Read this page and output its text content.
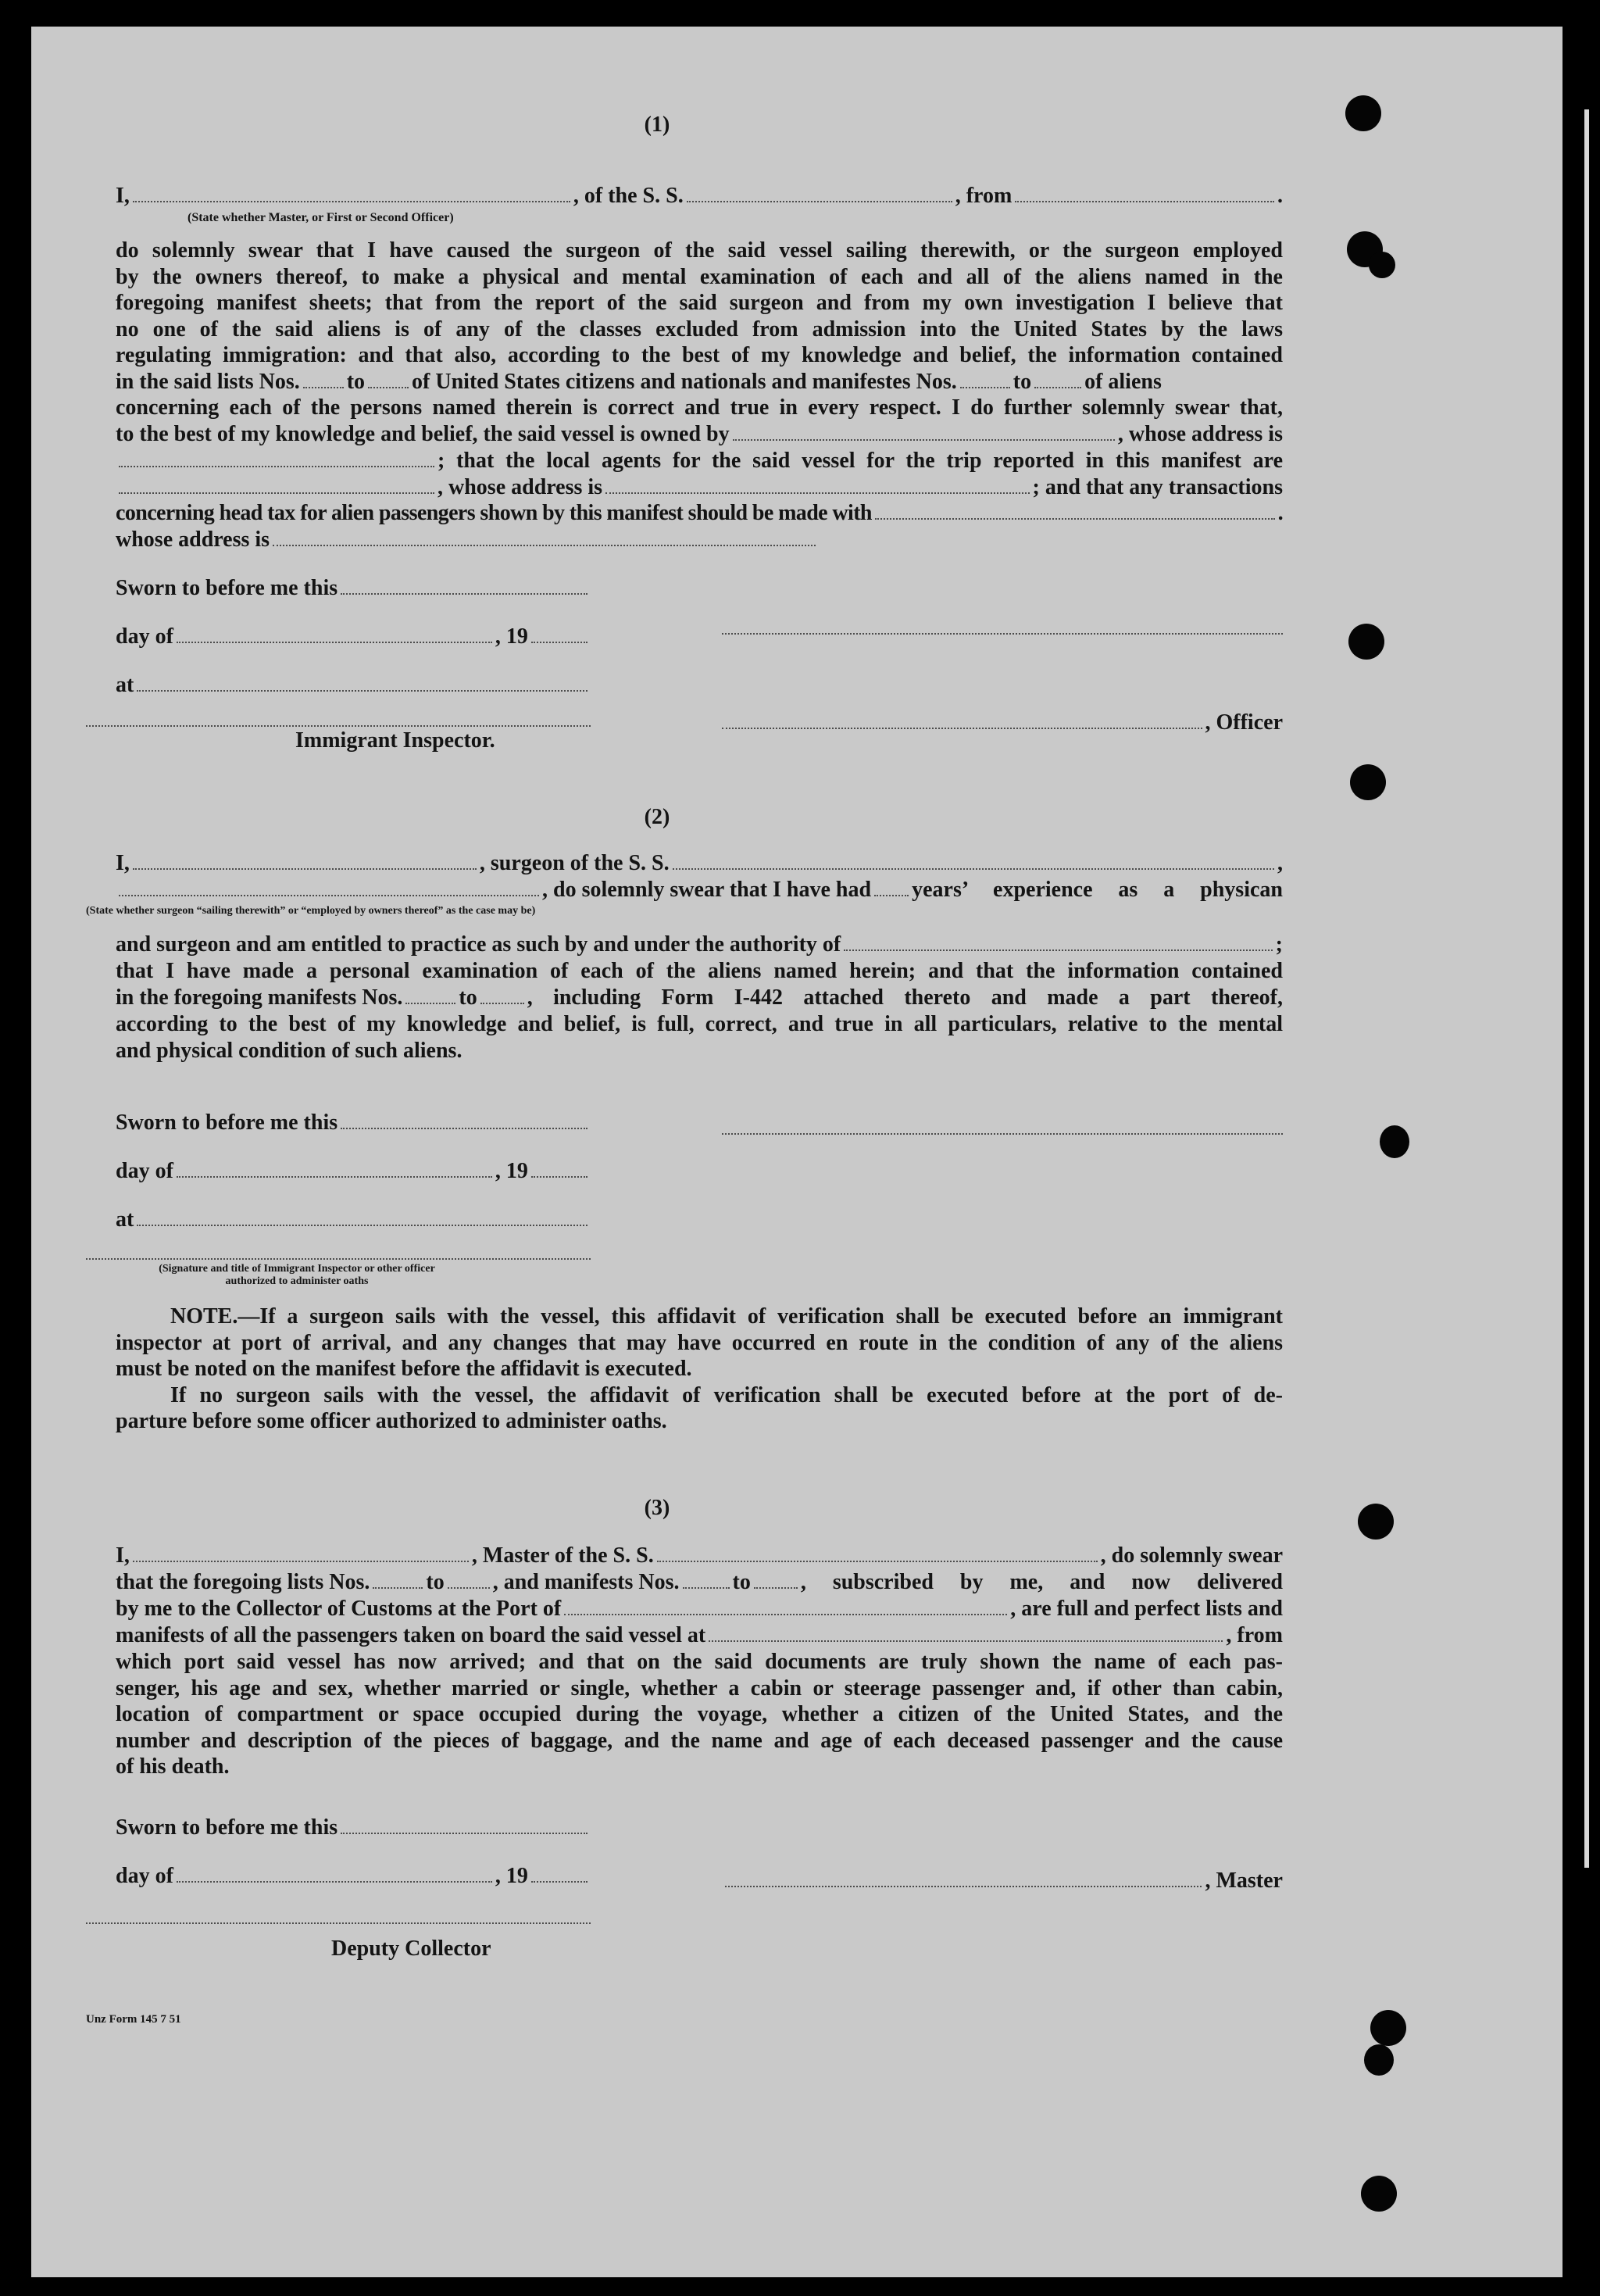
(1)
I,	, of the S. S.	, from	.
(State whether Master, or First or Second Officer)
do solemnly swear that I have caused the surgeon of the said vessel sailing therewith, or the surgeon employed
by the owners thereof, to make a physical and mental examination of each and all of the aliens named in the
foregoing manifest sheets; that from the report of the said surgeon and from my own investigation I believe that
no one of the said aliens is of any of the classes excluded from admission into the United States by the laws
regulating immigration: and that also, according to the best of my knowledge and belief, the information contained
in the said lists Nos. to of United States citizens and nationals and manifestes Nos.	to of aliens
concerning each of the persons named therein is correct and true in every respect. I do further solemnly swear that,
to the best of my knowledge and belief, the said vessel is owned by	, whose address is
; that the local agents for the said vessel for the trip reported in this manifest are
, whose address is	; and that any transactions
concerning head tax for alien passengers shown by this manifest should be made with	.
whose address is
Sworn to before me this
day of	, 19
at
, Officer
Immigrant Inspector.
(2)
I,	, surgeon of the S. S.	,
, do solemnly swear that I have had years’ experience as a physican
(State whether surgeon “sailing therewith” or “employed by owners thereof” as the case may be)
and surgeon and am entitled to practice as such by and under the authority of	;
that I have made a personal examination of each of the aliens named herein; and that the information contained
in the foregoing manifests Nos.	to , including Form I-442 attached thereto and made a part thereof,
according to the best of my knowledge and belief, is full, correct, and true in all particulars, relative to the mental
and physical condition of such aliens.
Sworn to before me this
day of	, 19
at
(Signature and title of Immigrant Inspector or other officer authorized to administer oaths
NOTE.—If a surgeon sails with the vessel, this affidavit of verification shall be executed before an immigrant
inspector at port of arrival, and any changes that may have occurred en route in the condition of any of the aliens
must be noted on the manifest before the affidavit is executed.
If no surgeon sails with the vessel, the affidavit of verification shall be executed before at the port of de-
parture before some officer authorized to administer oaths.
(3)
I,	, Master of the S. S.	, do solemnly swear
that the foregoing lists Nos.	to , and manifests Nos. to , subscribed by me, and now delivered
by me to the Collector of Customs at the Port of	, are full and perfect lists and
manifests of all the passengers taken on board the said vessel at	, from
which port said vessel has now arrived; and that on the said documents are truly shown the name of each pas-
senger, his age and sex, whether married or single, whether a cabin or steerage passenger and, if other than cabin,
location of compartment or space occupied during the voyage, whether a citizen of the United States, and the
number and description of the pieces of baggage, and the name and age of each deceased passenger and the cause
of his death.
Sworn to before me this
day of	, 19	, Master
Deputy Collector
Unz Form 145 7 51
